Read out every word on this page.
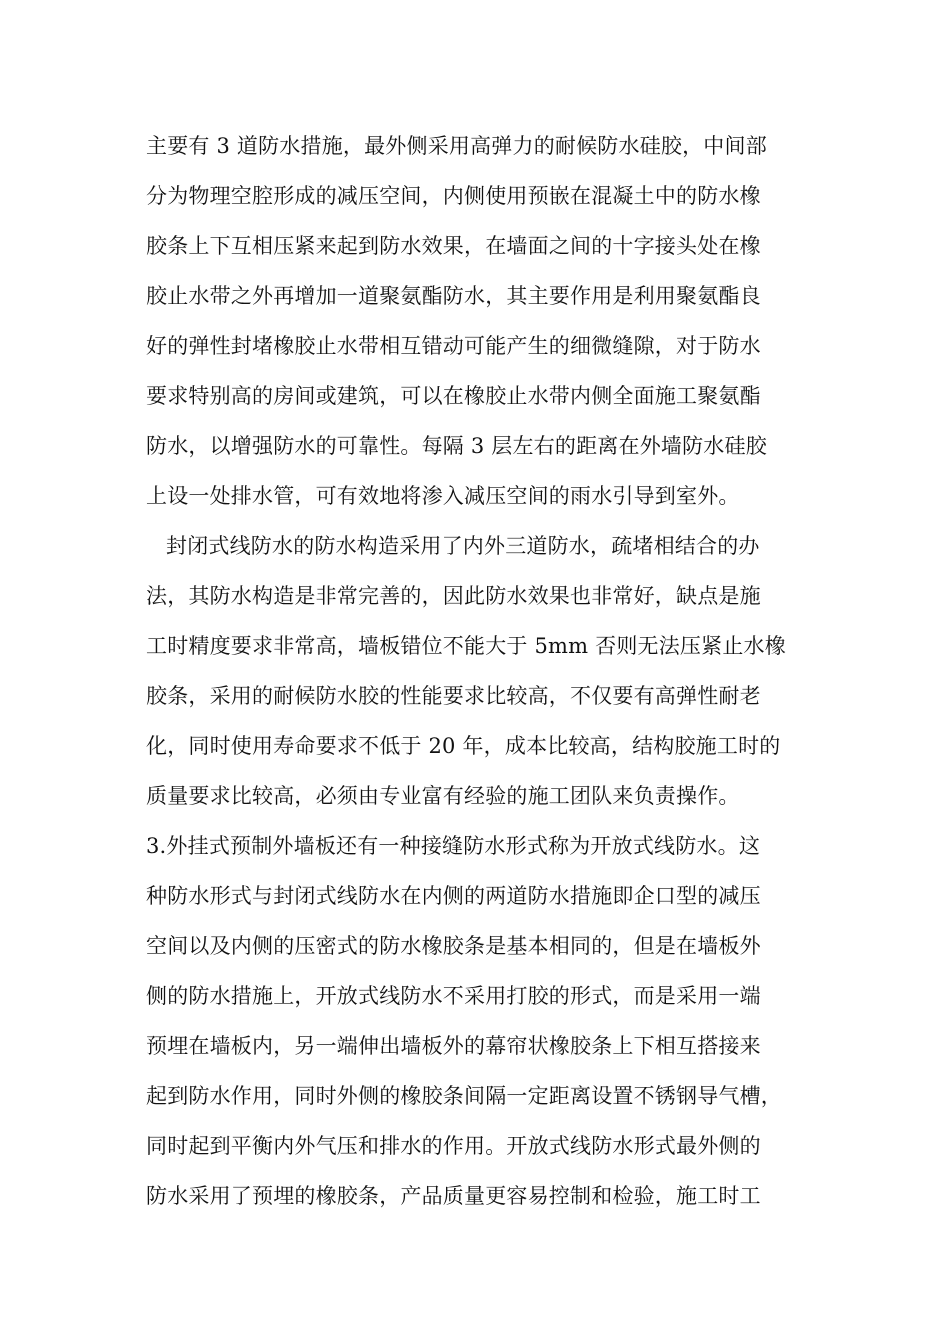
主要有 3 道防水措施，最外侧采用高弹力的耐候防水硅胶，中间部
分为物理空腔形成的减压空间，内侧使用预嵌在混凝土中的防水橡
胶条上下互相压紧来起到防水效果，在墙面之间的十字接头处在橡
胶止水带之外再增加一道聚氨酯防水，其主要作用是利用聚氨酯良
好的弹性封堵橡胶止水带相互错动可能产生的细微缝隙，对于防水
要求特别高的房间或建筑，可以在橡胶止水带内侧全面施工聚氨酯
防水，以增强防水的可靠性。每隔 3 层左右的距离在外墙防水硅胶
上设一处排水管，可有效地将渗入减压空间的雨水引导到室外。
封闭式线防水的防水构造采用了内外三道防水，疏堵相结合的办
法，其防水构造是非常完善的，因此防水效果也非常好，缺点是施
工时精度要求非常高，墙板错位不能大于 5mm 否则无法压紧止水橡
胶条，采用的耐候防水胶的性能要求比较高，不仅要有高弹性耐老
化，同时使用寿命要求不低于 20 年，成本比较高，结构胶施工时的
质量要求比较高，必须由专业富有经验的施工团队来负责操作。
3.外挂式预制外墙板还有一种接缝防水形式称为开放式线防水。这
种防水形式与封闭式线防水在内侧的两道防水措施即企口型的减压
空间以及内侧的压密式的防水橡胶条是基本相同的，但是在墙板外
侧的防水措施上，开放式线防水不采用打胶的形式，而是采用一端
预埋在墙板内，另一端伸出墙板外的幕帘状橡胶条上下相互搭接来
起到防水作用，同时外侧的橡胶条间隔一定距离设置不锈钢导气槽，
同时起到平衡内外气压和排水的作用。开放式线防水形式最外侧的
防水采用了预埋的橡胶条，产品质量更容易控制和检验，施工时工
